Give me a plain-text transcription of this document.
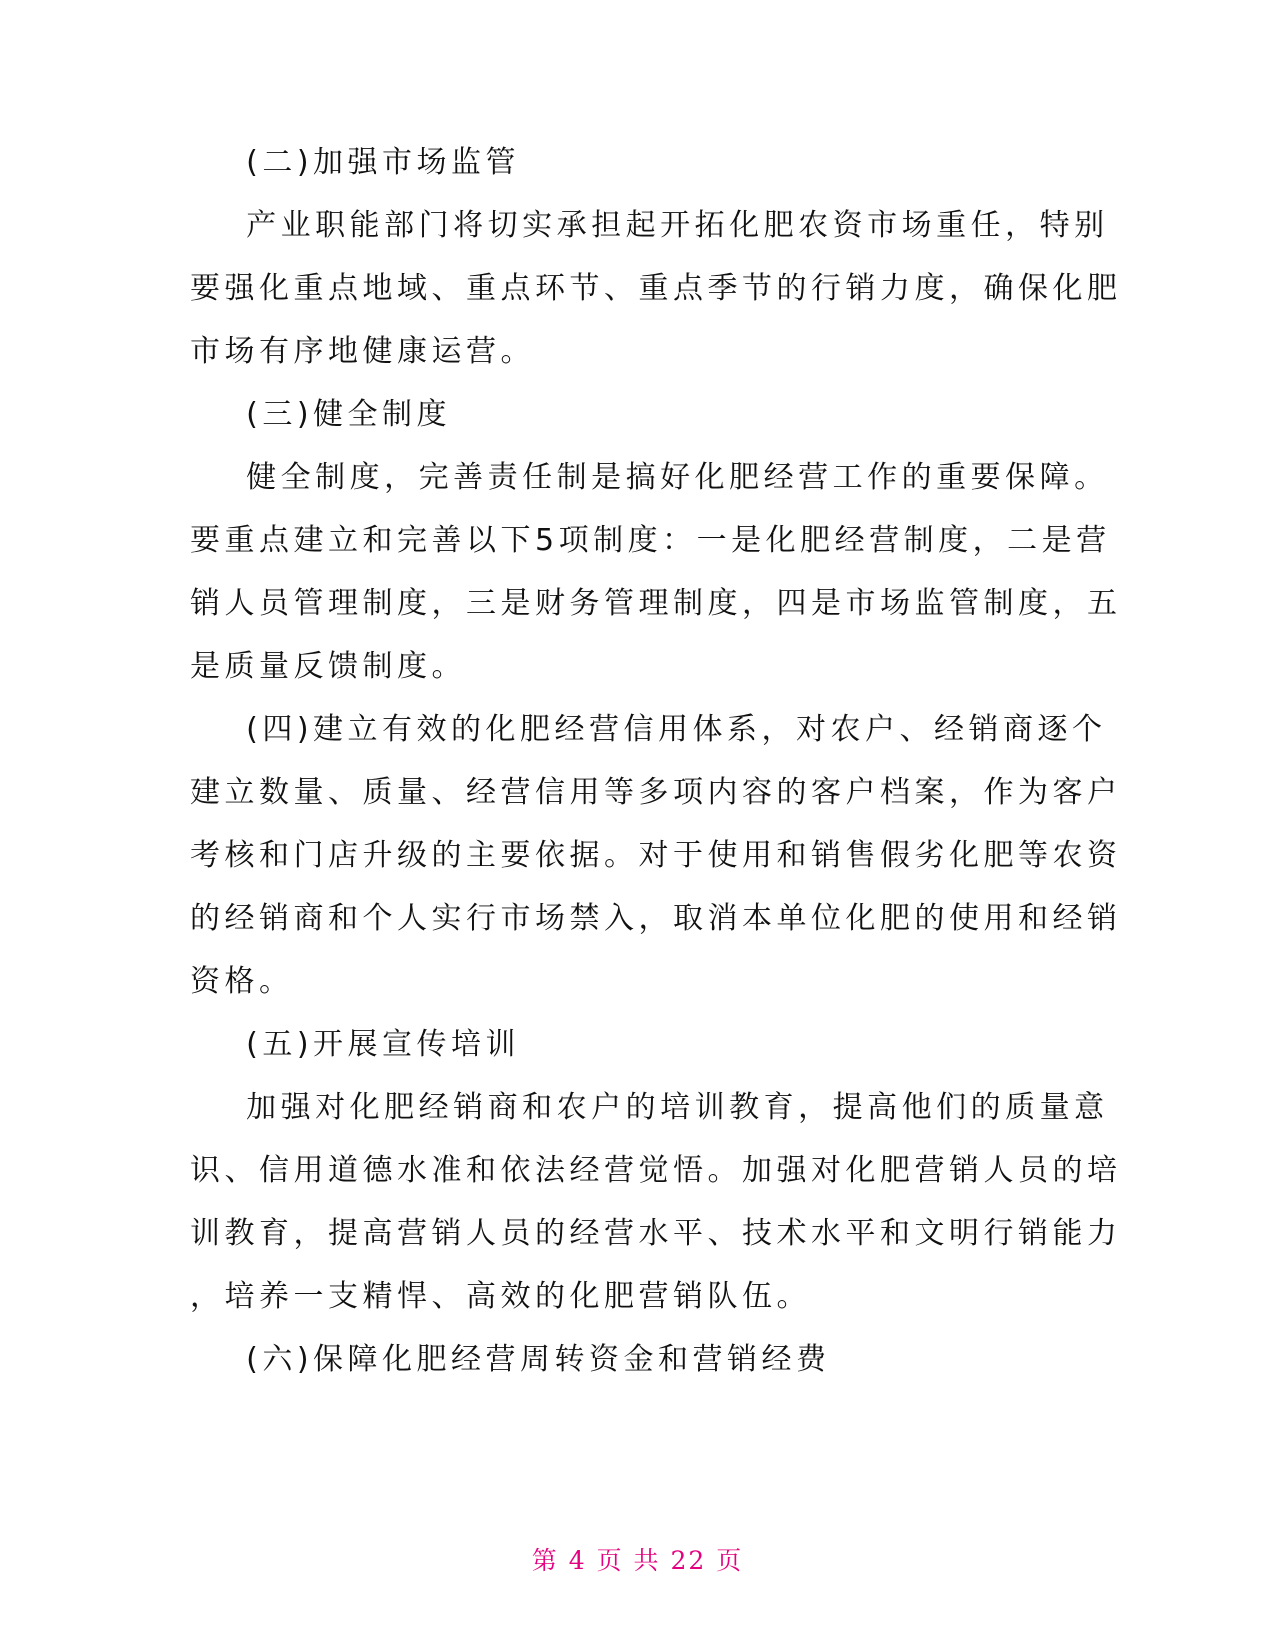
(二)加强市场监管
产业职能部门将切实承担起开拓化肥农资市场重任，特别
要强化重点地域、重点环节、重点季节的行销力度，确保化肥
市场有序地健康运营。
(三)健全制度
健全制度，完善责任制是搞好化肥经营工作的重要保障。
要重点建立和完善以下5项制度：一是化肥经营制度，二是营
销人员管理制度，三是财务管理制度，四是市场监管制度，五
是质量反馈制度。
(四)建立有效的化肥经营信用体系，对农户、经销商逐个
建立数量、质量、经营信用等多项内容的客户档案，作为客户
考核和门店升级的主要依据。对于使用和销售假劣化肥等农资
的经销商和个人实行市场禁入，取消本单位化肥的使用和经销
资格。
(五)开展宣传培训
加强对化肥经销商和农户的培训教育，提高他们的质量意
识、信用道德水准和依法经营觉悟。加强对化肥营销人员的培
训教育，提高营销人员的经营水平、技术水平和文明行销能力
，培养一支精悍、高效的化肥营销队伍。
(六)保障化肥经营周转资金和营销经费
第 4 页 共 22 页
